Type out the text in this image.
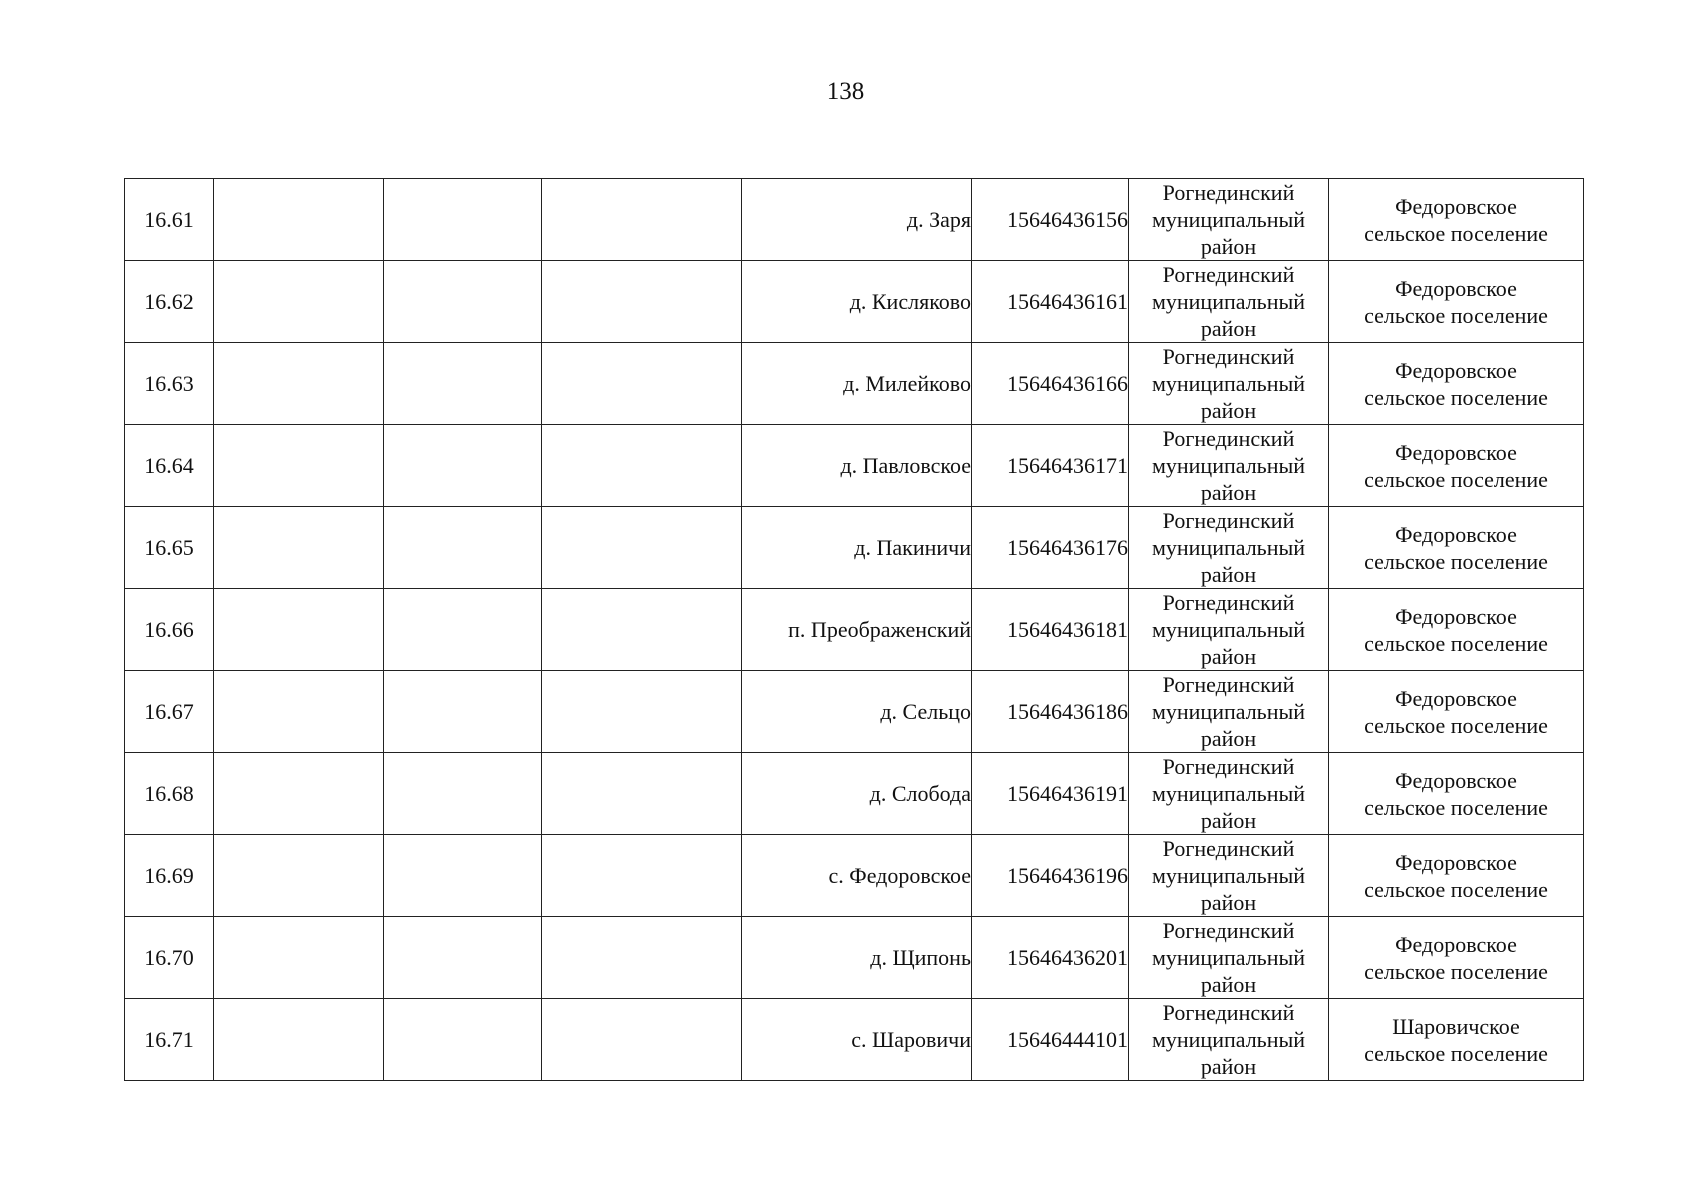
138
16.61				д. Заря	15646436156	Рогнединский
муниципальный
район	Федоровское
сельское поселение

16.62				д. Кисляково	15646436161	Рогнединский
муниципальный
район	Федоровское
сельское поселение

16.63				д. Милейково	15646436166	Рогнединский
муниципальный
район	Федоровское
сельское поселение

16.64				д. Павловское	15646436171	Рогнединский
муниципальный
район	Федоровское
сельское поселение

16.65				д. Пакиничи	15646436176	Рогнединский
муниципальный
район	Федоровское
сельское поселение

16.66				п. Преображенский	15646436181	Рогнединский
муниципальный
район	Федоровское
сельское поселение

16.67				д. Сельцо	15646436186	Рогнединский
муниципальный
район	Федоровское
сельское поселение

16.68				д. Слобода	15646436191	Рогнединский
муниципальный
район	Федоровское
сельское поселение

16.69				с. Федоровское	15646436196	Рогнединский
муниципальный
район	Федоровское
сельское поселение

16.70				д. Щипонь	15646436201	Рогнединский
муниципальный
район	Федоровское
сельское поселение

16.71				с. Шаровичи	15646444101	Рогнединский
муниципальный
район	Шаровичское
сельское поселение
